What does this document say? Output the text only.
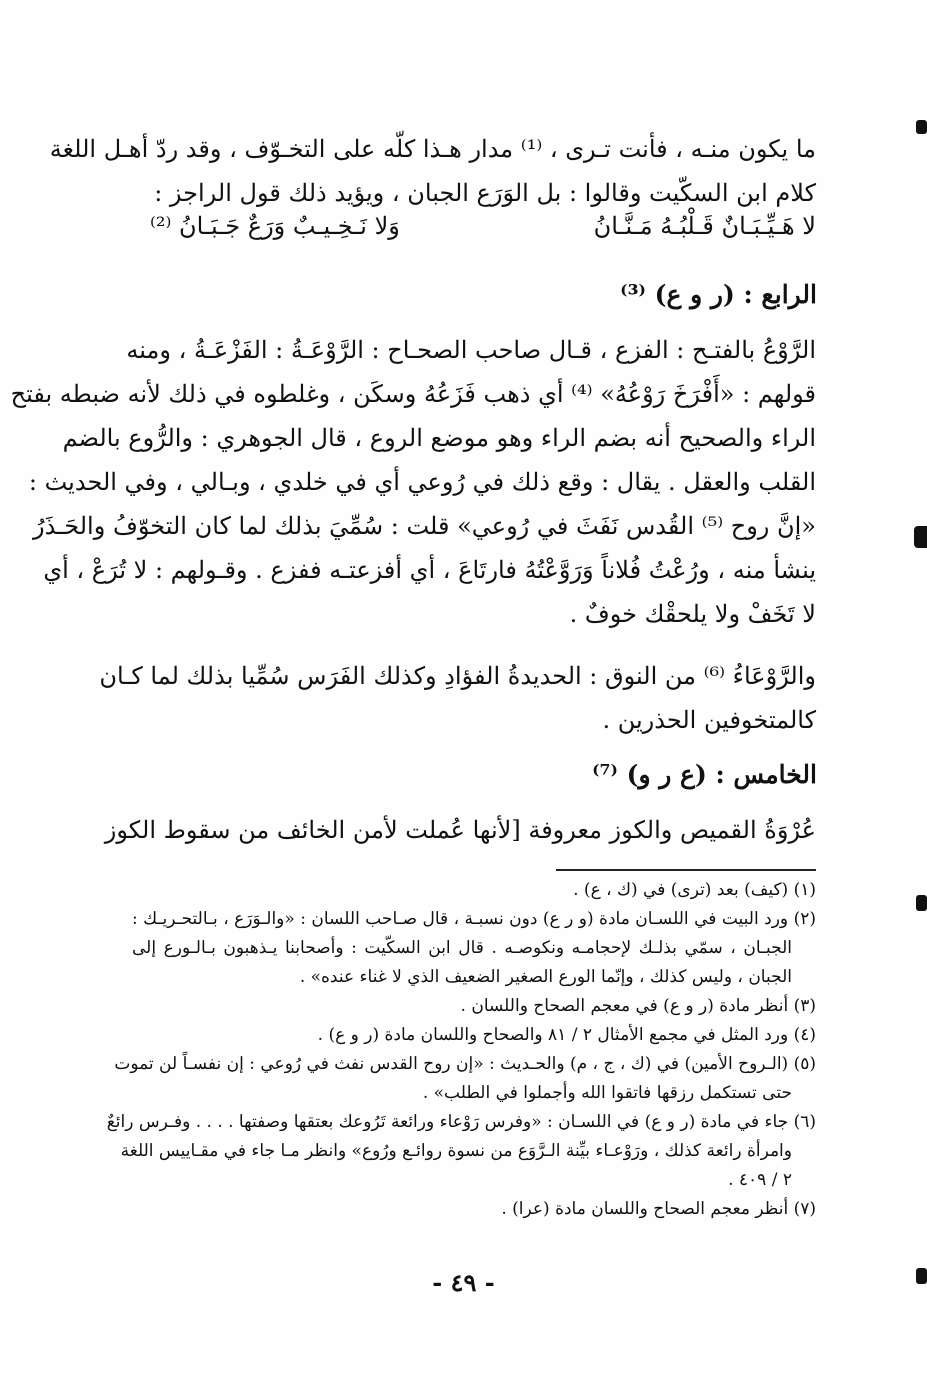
ما يكون منـه ، فأنت تـرى ، ⁽¹⁾ مدار هـذا كلّه على التخـوّف ، وقد ردّ أهـل اللغة
كلام ابن السكّيت وقالوا : بل الوَرَع الجبان ، ويؤيد ذلك قول الراجز :
لا هَـيِّـبَـانٌ قَـلْبُـهُ مَـنَّـانُ
وَلا نَـخِـيـبٌ وَرَعٌ جَـبَـانُ ⁽²⁾
الرابع : (ر و ع) ⁽³⁾
الرَّوْعُ بالفتـح : الفزع ، قـال صاحب الصحـاح : الرَّوْعَـةُ : الفَزْعَـةُ ، ومنه
قولهم : «أَفْرَخَ رَوْعُهُ» ⁽⁴⁾ أي ذهب فَزَعُهُ وسكَن ، وغلطوه في ذلك لأنه ضبطه بفتح
الراء والصحيح أنه بضم الراء وهو موضع الروع ، قال الجوهري : والرُّوع بالضم
القلب والعقل . يقال : وقع ذلك في رُوعي أي في خلدي ، وبـالي ، وفي الحديث :
«إنَّ روح ⁽⁵⁾ القُدس نَفَثَ في رُوعي» قلت : سُمِّيَ بذلك لما كان التخوّفُ والحَـذَرُ
ينشأ منه ، ورُعْتُ فُلاناً وَرَوَّعْتُهُ فارتَاعَ ، أي أفزعتـه ففزع . وقـولهم : لا تُرَعْ ، أي
لا تَخَفْ ولا يلحقْك خوفٌ .
والرَّوْعَاءُ ⁽⁶⁾ من النوق : الحديدةُ الفؤادِ وكذلك الفَرَس سُمِّيا بذلك لما كـان
كالمتخوفين الحذرين .
الخامس : (ع ر و) ⁽⁷⁾
عُرْوَةُ القميص والكوز معروفة [لأنها عُملت لأمن الخائف من سقوط الكوز
(١) (كيف) بعد (ترى) في (ك ، ع) .
(٢) ورد البيت في اللسـان مادة (و ر ع) دون نسبـة ، قال صـاحب اللسان : «والـوَرَع ، بـالتحـريـك :
الجبـان ، سمّي بذلـك لإحجامـه ونكوصـه . قال ابن السكّيت : وأصحابنا يـذهبون بـالـورع إلى
الجبان ، وليس كذلك ، وإنّما الورع الصغير الضعيف الذي لا غناء عنده» .
(٣) أنظر مادة (ر و ع) في معجم الصحاح واللسان .
(٤) ورد المثل في مجمع الأمثال ٢ / ٨١ والصحاح واللسان مادة (ر و ع) .
(٥) (الـروح الأمين) في (ك ، ج ، م) والحـديث : «إن روح القدس نفث في رُوعي : إن نفسـاً لن تموت
حتى تستكمل رزقها فاتقوا الله وأجملوا في الطلب» .
(٦) جاء في مادة (ر و ع) في اللسـان : «وفرس رَوْعاء ورائعة تَرُوعك بعتقها وصفتها . . . . وفـرس رائعٌ
وامرأة رائعة كذلك ، ورَوْعـاء بيِّنة الـرَّوَع من نسوة روائـع ورُوع» وانظر مـا جاء في مقـاييس اللغة
٢ / ٤٠٩ .
(٧) أنظر معجم الصحاح واللسان مادة (عرا) .
- ٤٩ -
